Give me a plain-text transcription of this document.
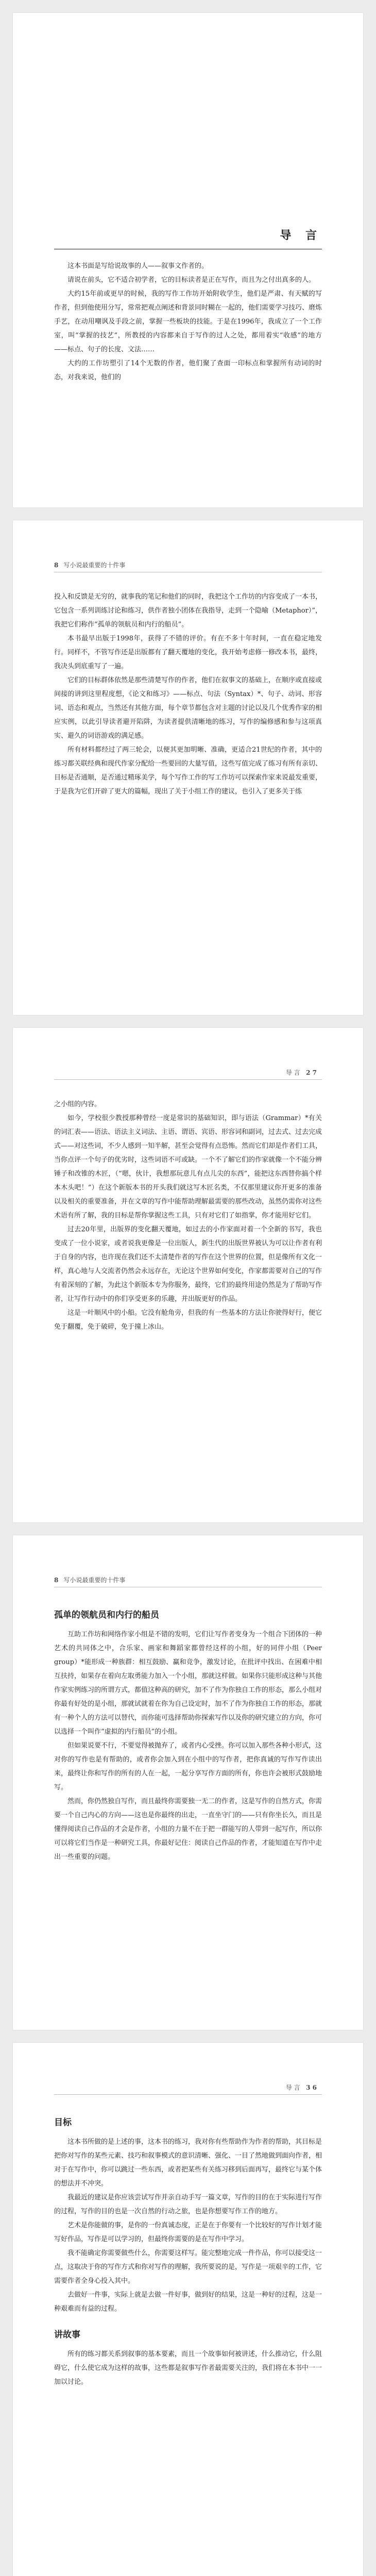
导 言

这本书面是写给说故事的人——叙事文作者的。

请说在前头，它不适合初学者，它的目标读者是正在写作，而且为之付出真多的人。

大约15年前或更早的时候，我的写作工作坊开始附收学生，他们是严肃、有天赋的写作者，但到他使用分写，常常把观点阐述和背景同时糊在一起的，他们需要学习技巧、磨炼手艺，在动用嘲讽及手段之前，掌握一些板块的技能。于是在1996年，我成立了一个工作室，叫“掌握的技艺”，所教授的内容都来自于写作的过人之处，都用着实“收感”的地方——标点、句子的长度、文法……

大约的工作坊塑引了14个无数的作者，他们聚了查面一印标点和掌握所有动词的时态，对我来说，他们的

8 写小说最重要的十件事

投入和反馈是无穷的，就事我的笔记和他们的同时，我把这个工作坊的内容变成了一本书，它包含一系列训练讨论和练习，供作者独小团体在我指导，走到一个隐喻（Metaphor）”，我把它们称作“孤单的领航员和内行的船员”。

本书最早出版于1998年，获得了不错的评价。有在不多十年时间，一直在稳定地发行。同样不，不管写作还是出版都有了翻天覆地的变化，我开始考虑修一修改本书，最终，我决头到底重写了一遍。

它们的目标群体依然是那些清楚写作的作者，他们在叙事文的基础上，在顺序或直接或间接的讲到这里程度想，《论文和练习》——标点、句法（Syntax）*、句子、动词、形容词、语态和观点，当然还有其他方面，每个章节都包含对主题的讨论以及几个优秀作家的相应实例，以此引导读者避开陷阱，为读者提供清晰地的练习，写作的编修感和参与这项真实、避久的词语游戏的满足感。

所有材料都经过了两三轮会，以便其更加明晰、准确，更适合21世纪的作者，其中的练习都关联经典和现代作家分配给一些要回的大量写值，这些写值完成了练习有所有亲切、目标是否通顺，是否通过精琢美学，每个写作工作的写工作坊可以探索作家来说最发重要，于是我为它们开辟了更大的篇幅，现出了关于小组工作的建议，也引入了更多关于练

导 言 2 7

之小组的内容。

如今，学校很少教授那种曾经一度是常识的基础知识，即与语法（Grammar）*有关的词汇表——语法、语法主义词法、主语、谓语、宾语、形容词和副词，过去式、过去完成式——对这些词，不少人感到一知半解，甚至会觉得有点恐怖。然而它们却是作者们工具，当你点评一个句子的优劣时，这些词语不可或缺。一个不了解它们的作家就像一个不能分辨锤子和改锥的木匠，（“嗯，伙计，我想那玩意儿有点儿尖的东西”，能把这东西替你搞个样本木头吧！”）在这个新版本书的开头我们就这写木匠名类，不仅那里建议你开更多的准备以及相关的重要准备，并在文章的写作中能帮助理解最需要的那些改动，虽然仍需你对这些术语有所了解，我的目标是帮你掌握这些工具，只有对它们了如指掌，你才能用好它们。

过去20年里，出版界的变化翻天覆地，如过去的小作家面对着一个全新的书写，我也变成了一位小说家，或者说我更像是一位出版人，新生代的出版世界被认为可以让作者有利于自身的内容，也许现在我们还不太清楚作者的写作在这个世界的位置，但是像所有文化一样，真心地与人交流者仍然会永远存在，无论这个世界如何变化，作家都需要对自己的写作有着深刻的了解，为此这个新版本专为你服务，最终，它们的最终用途仍然是为了帮助写作者，让写作行动中的你们享受更多的乐趣，并出版更好的作品。

这是一叶顺风中的小船。它没有舱角旁，但我的有一些基本的方法让你驶得好行，便它免于翻覆，免于破碎，免于撞上冰山。

8 写小说最重要的十件事
孤单的领航员和内行的船员

互助工作坊和网络作家小组是不错的发明，它们让写作者变身为一个组合下团体的一种艺术的共同体之中，合乐家、画家和舞蹈家都曾经这样的小组，好的同伴小组（Peer group）*能形成一种族群：相互鼓励、赢和竞争，激发讨论，在批评中找出、在困难中相互扶持，如果存在着向左取勇能力加入一个小组，那就这样做。如果你只能形成这种与其他作家实例练习的所谓方式，都值这种高的研究，加不了作为你独自工作的形态，那么小组对你最有好处的是小组，那就试就着在你为自己设定时，加不了作为你独自工作的形态，那就有一种个人的方法可以替代，而你能可选择帮助你探索写作以及你的研究建立的方向，你可以选择一个叫作“虚拟的内行船员”的小组。

但如果说要不行，不要觉得被抛弃了，或者内心受挫。你可以加入那些各种小形式，这对你的写作也是有帮助的，或者你会加入到在小组中的写作者，把你真诚的写作写作读出来，最终让你和写作的所有的人在一起，一起分享写作方面的所有，你也许会被形式鼓励地写。

然而，你仍然独自写作，而且最终你需要独一无二的作者，这是写作的自然方式，你需要一个自己内心的方向——这也是你最终的出走，一直坐守门的——只有你坐长久，而且是懂得阅读自己作品的才会是作者，小组的力量不在于把一群能写的人带到一起写作，所以你可以将它们当作是一种研究工具，你最好记住：阅读自己作品的作者，才能知道在写作中走出一些重要的问题。

导 言 3 6
目标

这本书所做的是上述的事，这本书的练习，我对你有些帮助作为作者的帮助，其目标是把你对写作的某些元素、技巧和叙事模式的意识清晰、强化、一目了然地做到面向作者，相对于在写作中，你可以跳过一些东西，或者把某些有关练习移到后面再写，最终它与某个体的想法并不冲突。

我最近的建议是你应该尝试写作并亲自动手写一篇文章，写作的目的在于实际进行写作的过程，写作的目的也是一次自然的行动之旅，也是你想要写作工作的地方。

艺术是你能做的事，是你的一份真诚态度，正是在于你要有一个比较好的写作计划才能写好作品，写作是可以学习的，但最终你需要的是在写作中学习。

我不能确定你需要做些什么，你需要这样写。能完整地完成一件作品，你可以接受这一点，这取决于你的写作方式和你对写作的理解，我所要说的是，写作是一项艰辛的工作，它需要作者全身心投入其中。

去做好一件事，实际上就是去做一件好事，做到好的结果，这是一种好的过程，这是一种艰难而有益的过程。

讲故事

所有的练习都关系到叙事的基本要素，而且一个故事如何被讲述，什么推动它，什么阻碍它，什么使它成为这样的故事，这些都是叙事写作者最需要关注的，我们将在本书中一一加以讨论。
